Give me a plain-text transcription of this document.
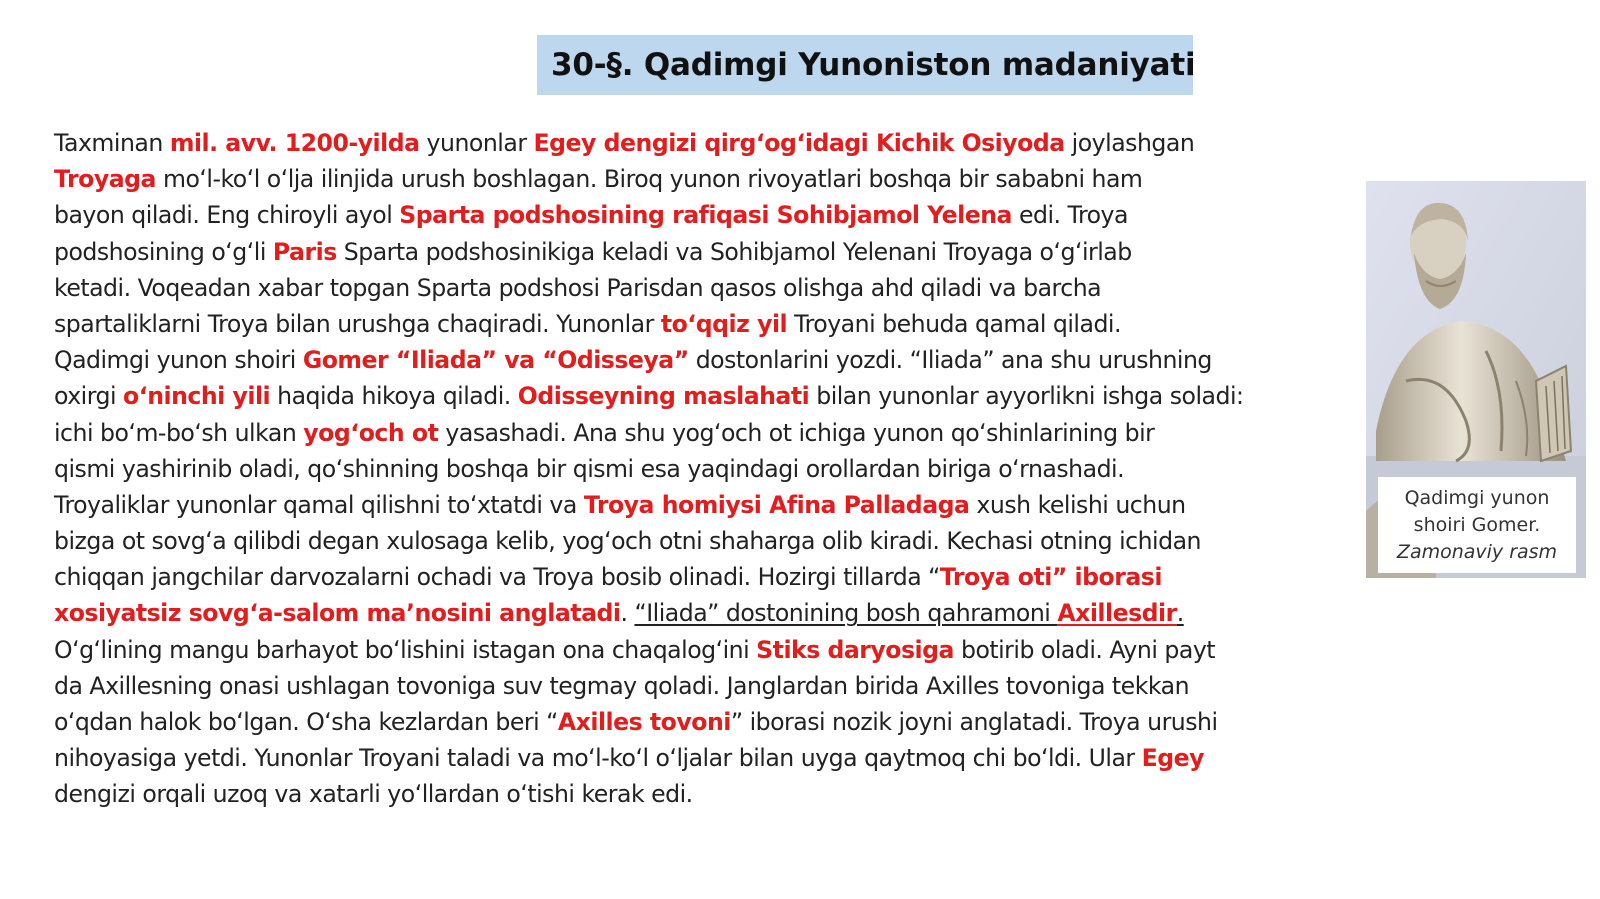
30-§. Qadimgi Yunoniston madaniyati
Taxminan mil. avv. 1200-yilda yunonlar Egey dengizi qirgʻogʻidagi Kichik Osiyoda joylashgan
Troyaga moʻl-koʻl oʻlja ilinjida urush boshlagan. Biroq yunon rivoyatlari boshqa bir sababni ham
bayon qiladi. Eng chiroyli ayol Sparta podshosining rafiqasi Sohibjamol Yelena edi. Troya
podshosining oʻgʻli Paris Sparta podshosinikiga keladi va Sohibjamol Yelenani Troyaga oʻgʻirlab
ketadi. Voqeadan xabar topgan Sparta podshosi Parisdan qasos olishga ahd qiladi va barcha
spartaliklarni Troya bilan urushga chaqiradi. Yunonlar toʻqqiz yil Troyani behuda qamal qiladi.
Qadimgi yunon shoiri Gomer “Iliada” va “Odisseya” dostonlarini yozdi. “Iliada” ana shu urushning
oxirgi oʻninchi yili haqida hikoya qiladi. Odisseyning maslahati bilan yunonlar ayyorlikni ishga soladi:
ichi boʻm-boʻsh ulkan yogʻoch ot yasashadi. Ana shu yogʻoch ot ichiga yunon qoʻshinlarining bir
qismi yashirinib oladi, qoʻshinning boshqa bir qismi esa yaqindagi orollardan biriga oʻrnashadi.
Troyaliklar yunonlar qamal qilishni toʻxtatdi va Troya homiysi Afina Palladaga xush kelishi uchun
bizga ot sovgʻa qilibdi degan xulosaga kelib, yogʻoch otni shaharga olib kiradi. Kechasi otning ichidan
chiqqan jangchilar darvozalarni ochadi va Troya bosib olinadi. Hozirgi tillarda “Troya oti” iborasi
xosiyatsiz sovgʻa-salom maʼnosini anglatadi. “Iliada” dostonining bosh qahramoni Axillesdir.
Oʻgʻlining mangu barhayot boʻlishini istagan ona chaqalogʻini Stiks daryosiga botirib oladi. Ayni payt
da Axillesning onasi ushlagan tovoniga suv tegmay qoladi. Janglardan birida Axilles tovoniga tekkan
oʻqdan halok boʻlgan. Oʻsha kezlardan beri “Axilles tovoni” iborasi nozik joyni anglatadi. Troya urushi
nihoyasiga yetdi. Yunonlar Troyani taladi va moʻl-koʻl oʻljalar bilan uyga qaytmoq chi boʻldi. Ular Egey
dengizi orqali uzoq va xatarli yoʻllardan oʻtishi kerak edi.
Qadimgi yunon
shoiri Gomer.
Zamonaviy rasm
